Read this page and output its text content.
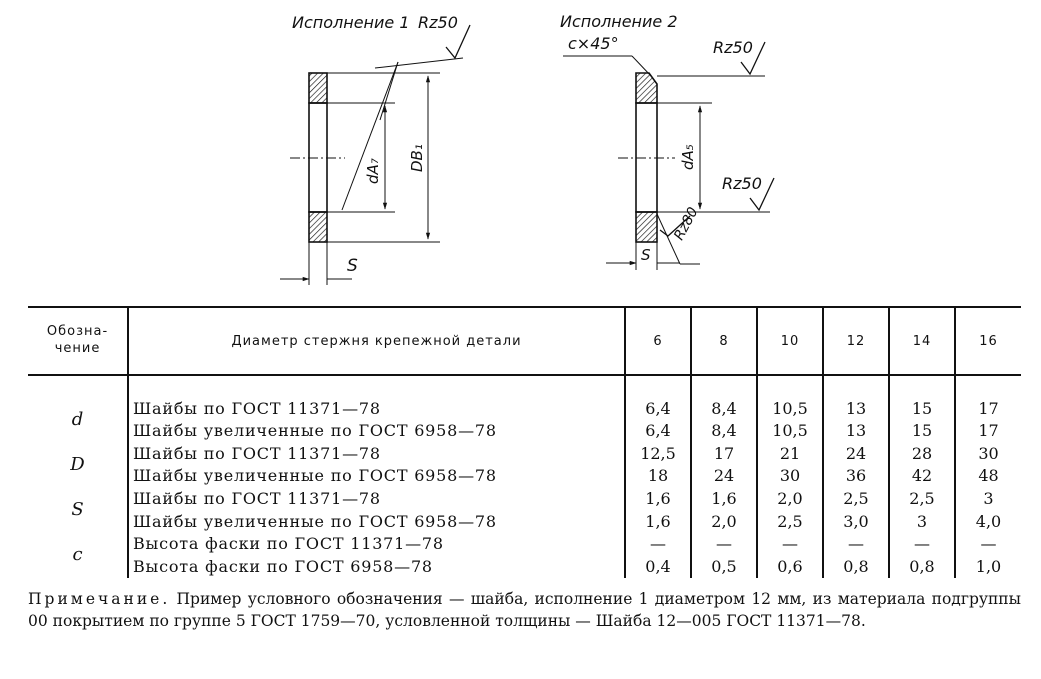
Исполнение 1 Rz50	Исполнение 2
c×45°	Rz50
Rz50
DB₁
dA₇
dA₅
Rz80
S
S
Обозна-
чение	Диаметр стержня крепежной детали	6	8	10	12	14	16
d	Шайбы по ГОСТ 11371—78	6,4	8,4	10,5	13	15	17
	Шайбы увеличенные по ГОСТ 6958—78	6,4	8,4	10,5	13	15	17
D	Шайбы по ГОСТ 11371—78	12,5	17	21	24	28	30
	Шайбы увеличенные по ГОСТ 6958—78	18	24	30	36	42	48
S	Шайбы по ГОСТ 11371—78	1,6	1,6	2,0	2,5	2,5	3
	Шайбы увеличенные по ГОСТ 6958—78	1,6	2,0	2,5	3,0	3	4,0
c	Высота фаски по ГОСТ 11371—78	—	—	—	—	—	—
	Высота фаски по ГОСТ 6958—78	0,4	0,5	0,6	0,8	0,8	1,0
Примечание. Пример условного обозначения — шайба, исполнение 1 диаметром 12 мм, из материала подгруппы 00 покрытием по группе 5 ГОСТ 1759—70, условленной толщины — Шайба 12—005 ГОСТ 11371—78.
